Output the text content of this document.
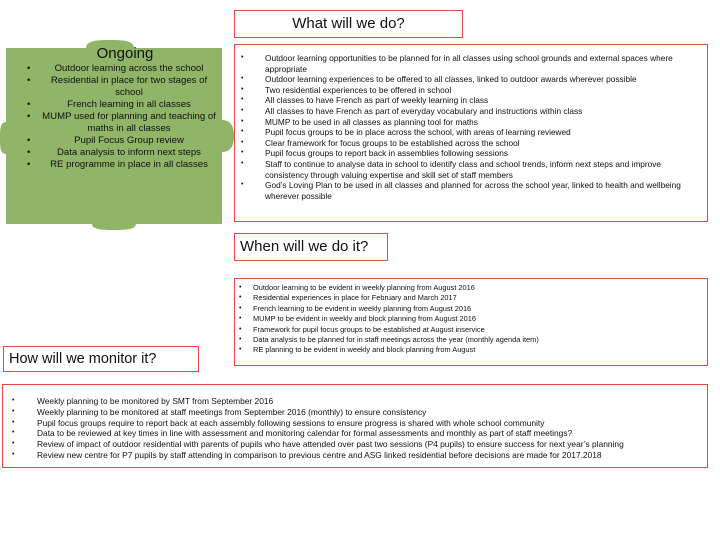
What will we do?
Ongoing
• Outdoor learning across the school
• Residential in place for two stages of school
• French learning in all classes
• MUMP used for planning and teaching of maths in all classes
• Pupil Focus Group review
• Data analysis to inform next steps
• RE programme in place in all classes
• Outdoor learning opportunities to be planned for in all classes using school grounds and external spaces where appropriate
• Outdoor learning experiences to be offered to all classes, linked to outdoor awards wherever possible
• Two residential experiences to be offered in school
• All classes to have French as part of weekly learning in class
• All classes to have French as part of everyday vocabulary and instructions within class
• MUMP to be used in all classes as planning tool for maths
• Pupil focus groups to be in place across the school, with areas of learning reviewed
• Clear framework for focus groups to be established across the school
• Pupil focus groups to report back in assemblies following sessions
• Staff to continue to analyse data in school to identify class and school trends, inform next steps and improve consistency through valuing expertise and skill set of staff members
• God’s Loving Plan to be used in all classes and planned for across the school year, linked to health and wellbeing wherever possible
When will we do it?
• Outdoor learning to be evident in weekly planning from August 2016
• Residential experiences in place for February and March 2017
• French learning to be evident in weekly planning from August 2016
• MUMP to be evident in weekly and block planning from August 2016
• Framework for pupil focus groups to be established at August inservice
• Data analysis to be planned for in staff meetings across the year (monthly agenda item)
• RE planning to be evident in weekly and block planning from August
How will we monitor it?
• Weekly planning to be monitored by SMT from September 2016
• Weekly planning to be monitored at staff meetings from September 2016 (monthly) to ensure consistency
• Pupil focus groups require to report back at each assembly following sessions to ensure progress is shared with whole school community
• Data to be reviewed at key times in line with assessment and monitoring calendar for formal assessments and monthly as part of staff meetings?
• Review of impact of outdoor residential with parents of pupils who have attended over past two sessions (P4 pupils) to ensure success for next year’s planning
• Review new centre for P7 pupils by staff attending in comparison to previous centre and ASG linked residential before decisions are made for 2017.2018
